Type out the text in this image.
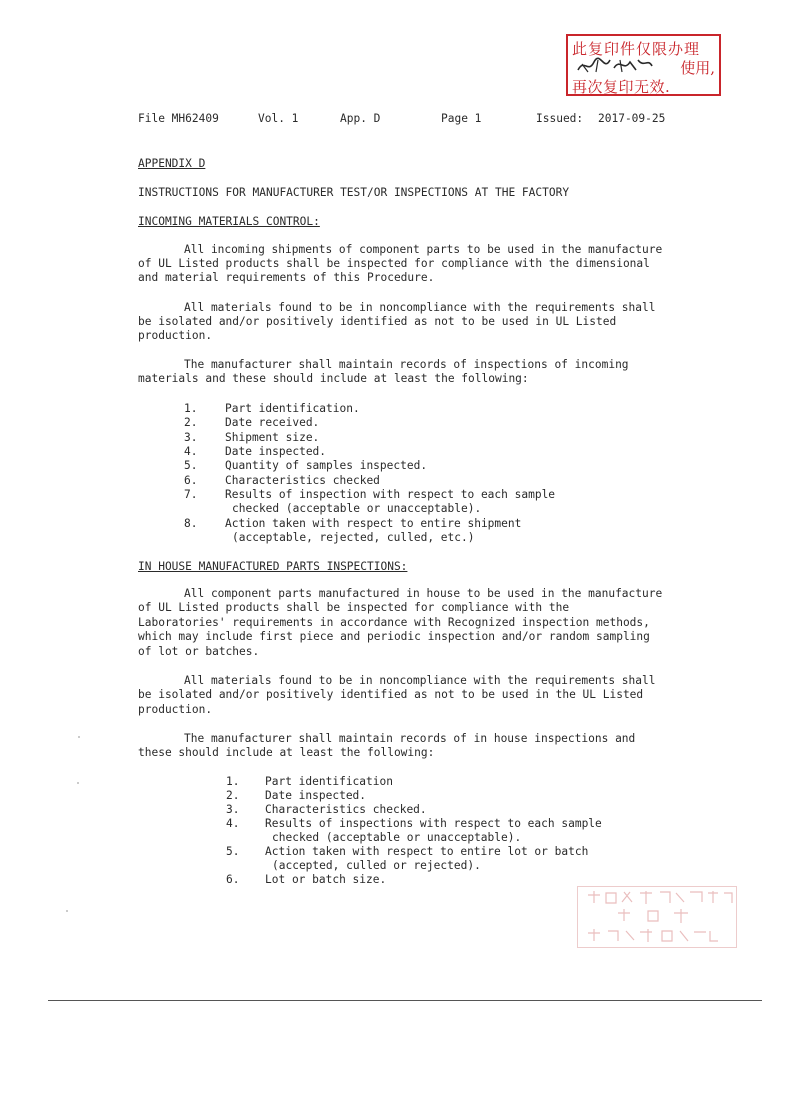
此复印件仅限办理
使用,
再次复印无效.
File MH62409	Vol. 1	App. D	Page 1	Issued: 2017-09-25
APPENDIX D
INSTRUCTIONS FOR MANUFACTURER TEST/OR INSPECTIONS AT THE FACTORY
INCOMING MATERIALS CONTROL:
All incoming shipments of component parts to be used in the manufacture
of UL Listed products shall be inspected for compliance with the dimensional
and material requirements of this Procedure.
All materials found to be in noncompliance with the requirements shall
be isolated and/or positively identified as not to be used in UL Listed
production.
The manufacturer shall maintain records of inspections of incoming
materials and these should include at least the following:
1. Part identification.
2. Date received.
3. Shipment size.
4. Date inspected.
5. Quantity of samples inspected.
6. Characteristics checked
7. Results of inspection with respect to each sample
checked (acceptable or unacceptable).
8. Action taken with respect to entire shipment
(acceptable, rejected, culled, etc.)
IN HOUSE MANUFACTURED PARTS INSPECTIONS:
All component parts manufactured in house to be used in the manufacture
of UL Listed products shall be inspected for compliance with the
Laboratories' requirements in accordance with Recognized inspection methods,
which may include first piece and periodic inspection and/or random sampling
of lot or batches.
All materials found to be in noncompliance with the requirements shall
be isolated and/or positively identified as not to be used in the UL Listed
production.
The manufacturer shall maintain records of in house inspections and
these should include at least the following:
1. Part identification
2. Date inspected.
3. Characteristics checked.
4. Results of inspections with respect to each sample
checked (acceptable or unacceptable).
5. Action taken with respect to entire lot or batch
(accepted, culled or rejected).
6. Lot or batch size.
